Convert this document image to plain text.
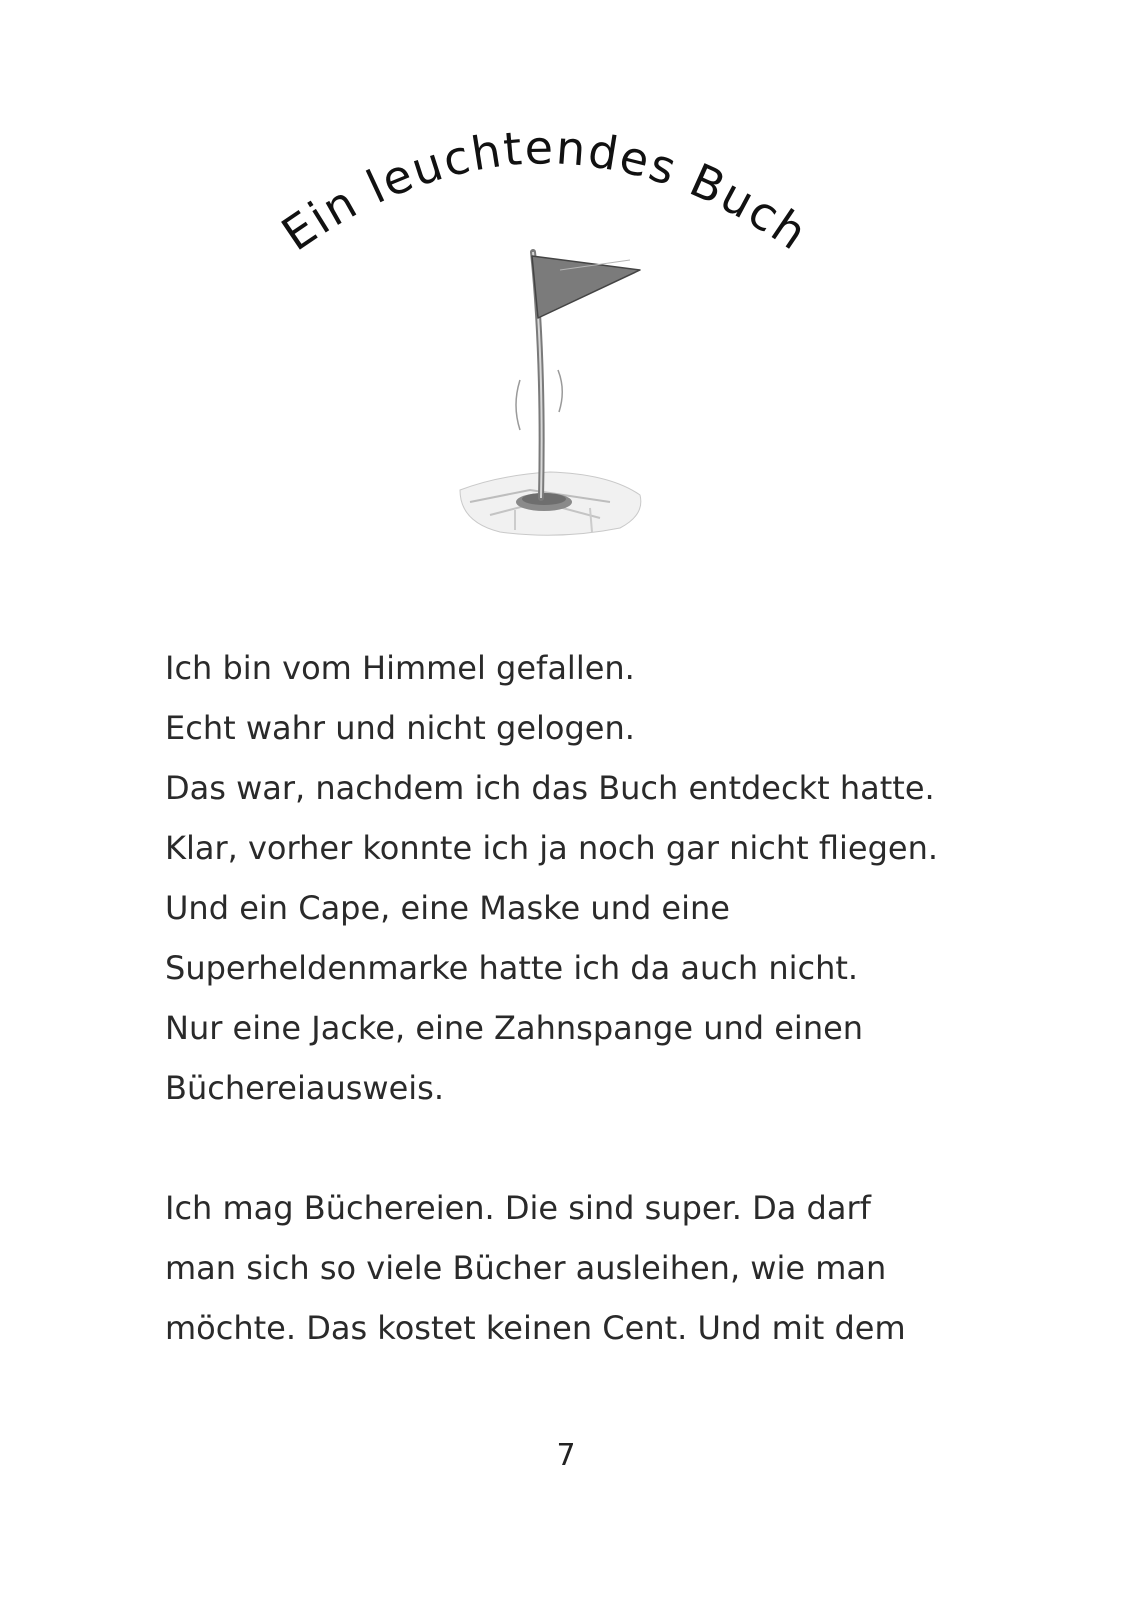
Ein leuchtendes Buch

Ich bin vom Himmel gefallen.
Echt wahr und nicht gelogen.
Das war, nachdem ich das Buch entdeckt hatte.
Klar, vorher konnte ich ja noch gar nicht fliegen.
Und ein Cape, eine Maske und eine
Superheldenmarke hatte ich da auch nicht.
Nur eine Jacke, eine Zahnspange und einen
Büchereiausweis.

Ich mag Büchereien. Die sind super. Da darf
man sich so viele Bücher ausleihen, wie man
möchte. Das kostet keinen Cent. Und mit dem

7
